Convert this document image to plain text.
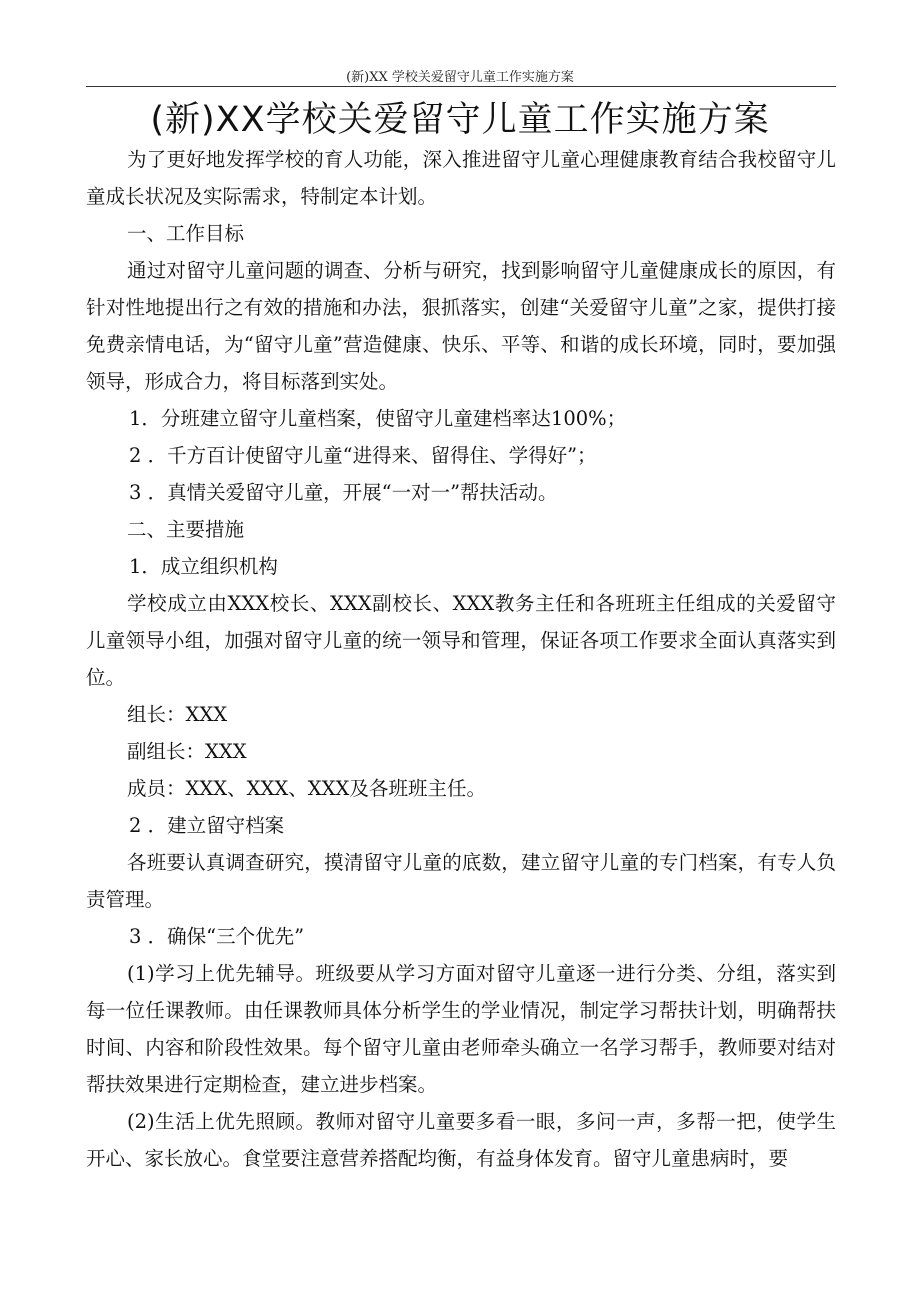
(新)XX 学校关爱留守儿童工作实施方案
(新)XX学校关爱留守儿童工作实施方案

为了更好地发挥学校的育人功能，深入推进留守儿童心理健康教育结合我校留守儿童成长状况及实际需求，特制定本计划。

一、工作目标

通过对留守儿童问题的调查、分析与研究，找到影响留守儿童健康成长的原因，有针对性地提出行之有效的措施和办法，狠抓落实，创建“关爱留守儿童”之家，提供打接免费亲情电话，为“留守儿童”营造健康、快乐、平等、和谐的成长环境，同时，要加强领导，形成合力，将目标落到实处。

1．分班建立留守儿童档案，使留守儿童建档率达100%；

2 ．千方百计使留守儿童“进得来、留得住、学得好”；

3 ．真情关爱留守儿童，开展“一对一”帮扶活动。

二、主要措施

1．成立组织机构

学校成立由XXX校长、XXX副校长、XXX教务主任和各班班主任组成的关爱留守儿童领导小组，加强对留守儿童的统一领导和管理，保证各项工作要求全面认真落实到位。

组长：XXX

副组长：XXX

成员：XXX、XXX、XXX及各班班主任。

2 ．建立留守档案

各班要认真调查研究，摸清留守儿童的底数，建立留守儿童的专门档案，有专人负责管理。

3 ．确保“三个优先”

(1)学习上优先辅导。班级要从学习方面对留守儿童逐一进行分类、分组，落实到每一位任课教师。由任课教师具体分析学生的学业情况，制定学习帮扶计划，明确帮扶时间、内容和阶段性效果。每个留守儿童由老师牵头确立一名学习帮手，教师要对结对帮扶效果进行定期检查，建立进步档案。

(2)生活上优先照顾。教师对留守儿童要多看一眼，多问一声，多帮一把，使学生开心、家长放心。食堂要注意营养搭配均衡，有益身体发育。留守儿童患病时，要
